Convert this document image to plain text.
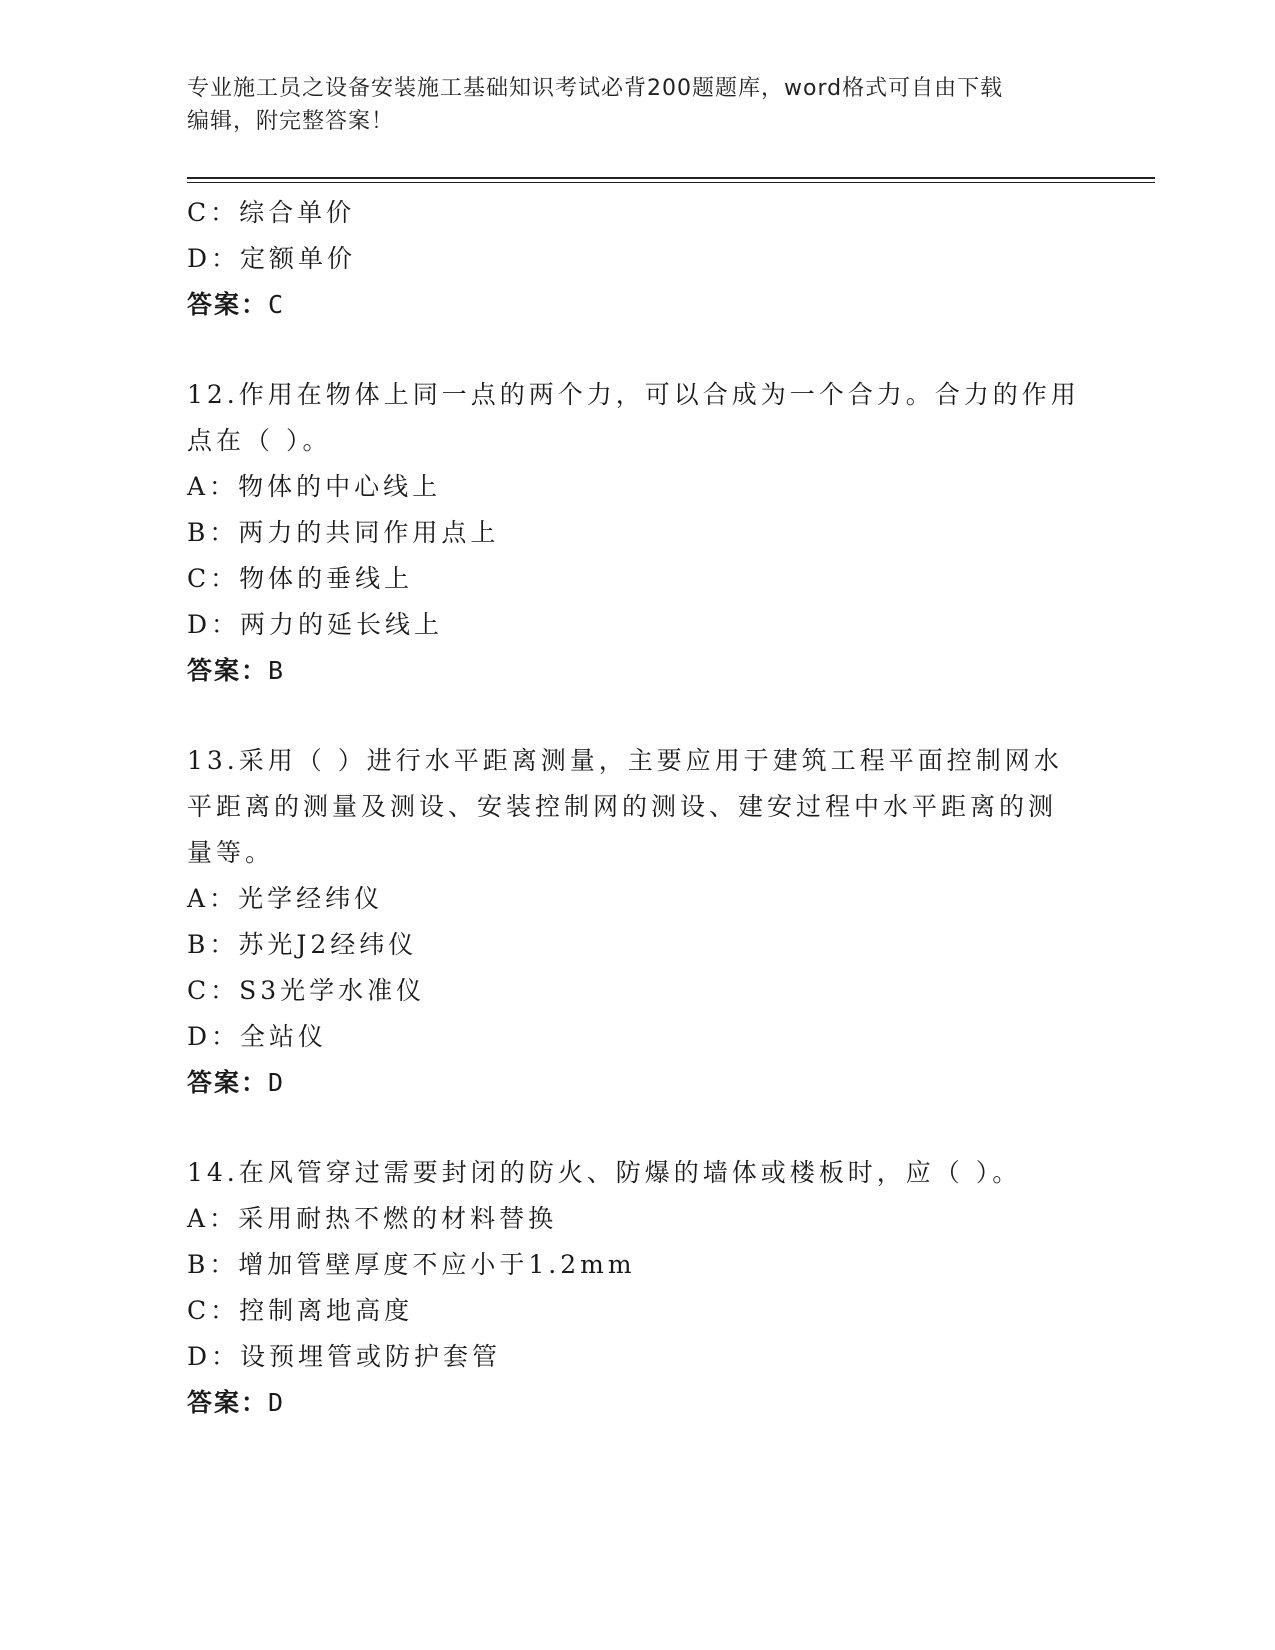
专业施工员之设备安装施工基础知识考试必背200题题库，word格式可自由下载
编辑，附完整答案！
C：综合单价
D：定额单价
答案：C
12.作用在物体上同一点的两个力，可以合成为一个合力。合力的作用
点在（ ）。
A：物体的中心线上
B：两力的共同作用点上
C：物体的垂线上
D：两力的延长线上
答案：B
13.采用（ ）进行水平距离测量，主要应用于建筑工程平面控制网水
平距离的测量及测设、安装控制网的测设、建安过程中水平距离的测
量等。
A：光学经纬仪
B：苏光J2经纬仪
C：S3光学水准仪
D：全站仪
答案：D
14.在风管穿过需要封闭的防火、防爆的墙体或楼板时，应（ ）。
A：采用耐热不燃的材料替换
B：增加管壁厚度不应小于1.2mm
C：控制离地高度
D：设预埋管或防护套管
答案：D
